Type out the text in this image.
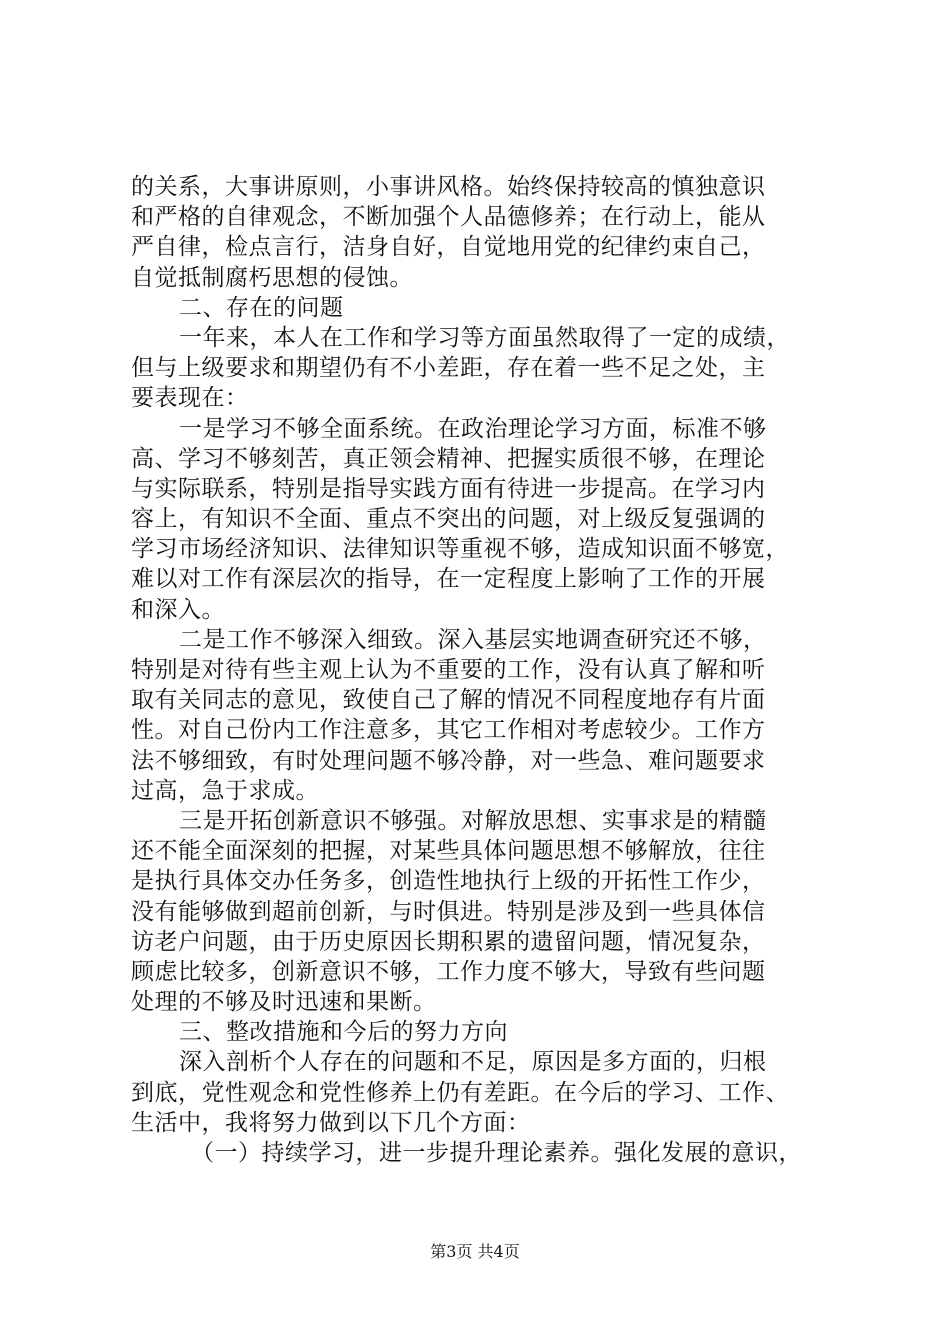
的关系，大事讲原则，小事讲风格。始终保持较高的慎独意识
和严格的自律观念，不断加强个人品德修养；在行动上，能从
严自律，检点言行，洁身自好，自觉地用党的纪律约束自己，
自觉抵制腐朽思想的侵蚀。
二、存在的问题
一年来，本人在工作和学习等方面虽然取得了一定的成绩，
但与上级要求和期望仍有不小差距，存在着一些不足之处，主
要表现在：
一是学习不够全面系统。在政治理论学习方面，标准不够
高、学习不够刻苦，真正领会精神、把握实质很不够，在理论
与实际联系，特别是指导实践方面有待进一步提高。在学习内
容上，有知识不全面、重点不突出的问题，对上级反复强调的
学习市场经济知识、法律知识等重视不够，造成知识面不够宽，
难以对工作有深层次的指导，在一定程度上影响了工作的开展
和深入。
二是工作不够深入细致。深入基层实地调查研究还不够，
特别是对待有些主观上认为不重要的工作，没有认真了解和听
取有关同志的意见，致使自己了解的情况不同程度地存有片面
性。对自己份内工作注意多，其它工作相对考虑较少。工作方
法不够细致，有时处理问题不够冷静，对一些急、难问题要求
过高，急于求成。
三是开拓创新意识不够强。对解放思想、实事求是的精髓
还不能全面深刻的把握，对某些具体问题思想不够解放，往往
是执行具体交办任务多，创造性地执行上级的开拓性工作少，
没有能够做到超前创新，与时俱进。特别是涉及到一些具体信
访老户问题，由于历史原因长期积累的遗留问题，情况复杂，
顾虑比较多，创新意识不够，工作力度不够大，导致有些问题
处理的不够及时迅速和果断。
三、整改措施和今后的努力方向
深入剖析个人存在的问题和不足，原因是多方面的，归根
到底，党性观念和党性修养上仍有差距。在今后的学习、工作、
生活中，我将努力做到以下几个方面：
（一）持续学习，进一步提升理论素养。强化发展的意识，
第3页 共4页
